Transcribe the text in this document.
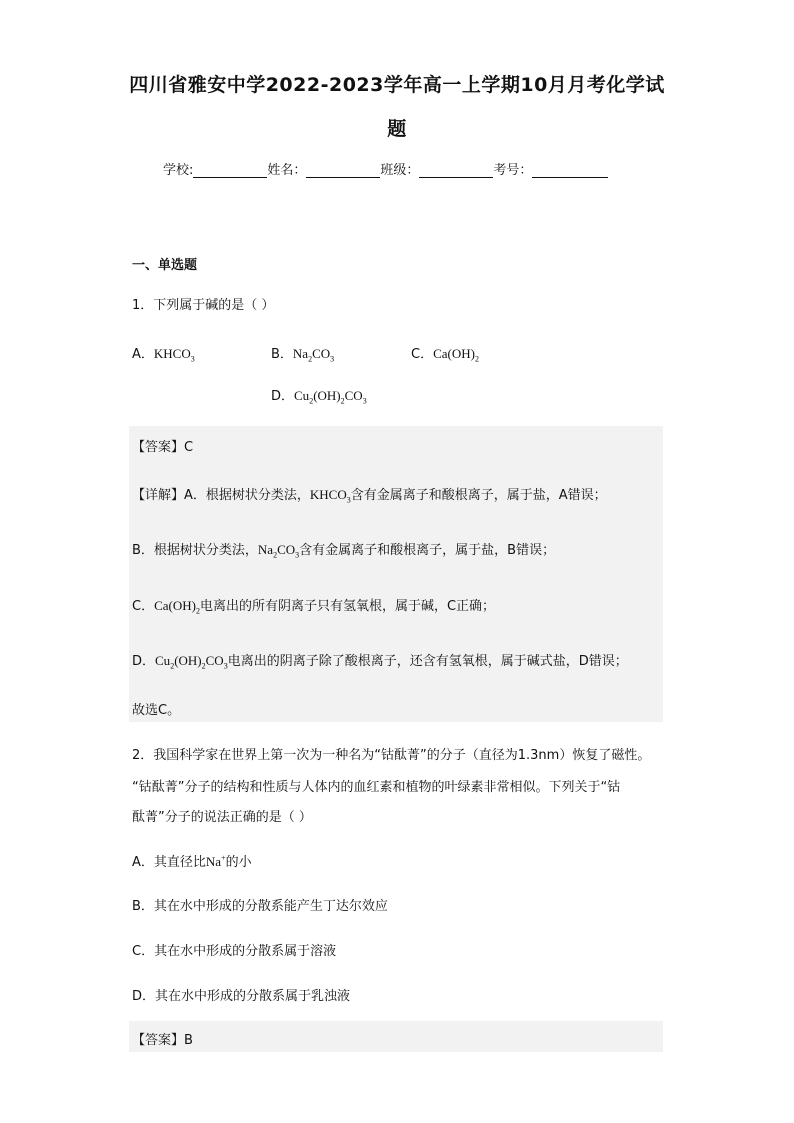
四川省雅安中学2022-2023学年高一上学期10月月考化学试
题
学校:	姓名：	班级：	考号：
一、单选题
1．下列属于碱的是（ ）
A．$KHCO_3$	B．$Na_2CO_3$	C．$Ca(OH)_2$
D．$Cu_2(OH)_2CO_3$
【答案】C
【详解】A．根据树状分类法，$KHCO_3$含有金属离子和酸根离子，属于盐，A错误；
B．根据树状分类法，$Na_2CO_3$含有金属离子和酸根离子，属于盐，B错误；
C．$Ca(OH)_2$电离出的所有阴离子只有氢氧根，属于碱，C正确；
D．$Cu_2(OH)_2CO_3$电离出的阴离子除了酸根离子，还含有氢氧根，属于碱式盐，D错误；
故选C。
2．我国科学家在世界上第一次为一种名为“钴酞菁”的分子（直径为1.3nm）恢复了磁性。
“钴酞菁”分子的结构和性质与人体内的血红素和植物的叶绿素非常相似。下列关于“钴
酞菁”分子的说法正确的是（ ）
A．其直径比Na+的小
B．其在水中形成的分散系能产生丁达尔效应
C．其在水中形成的分散系属于溶液
D．其在水中形成的分散系属于乳浊液
【答案】B
